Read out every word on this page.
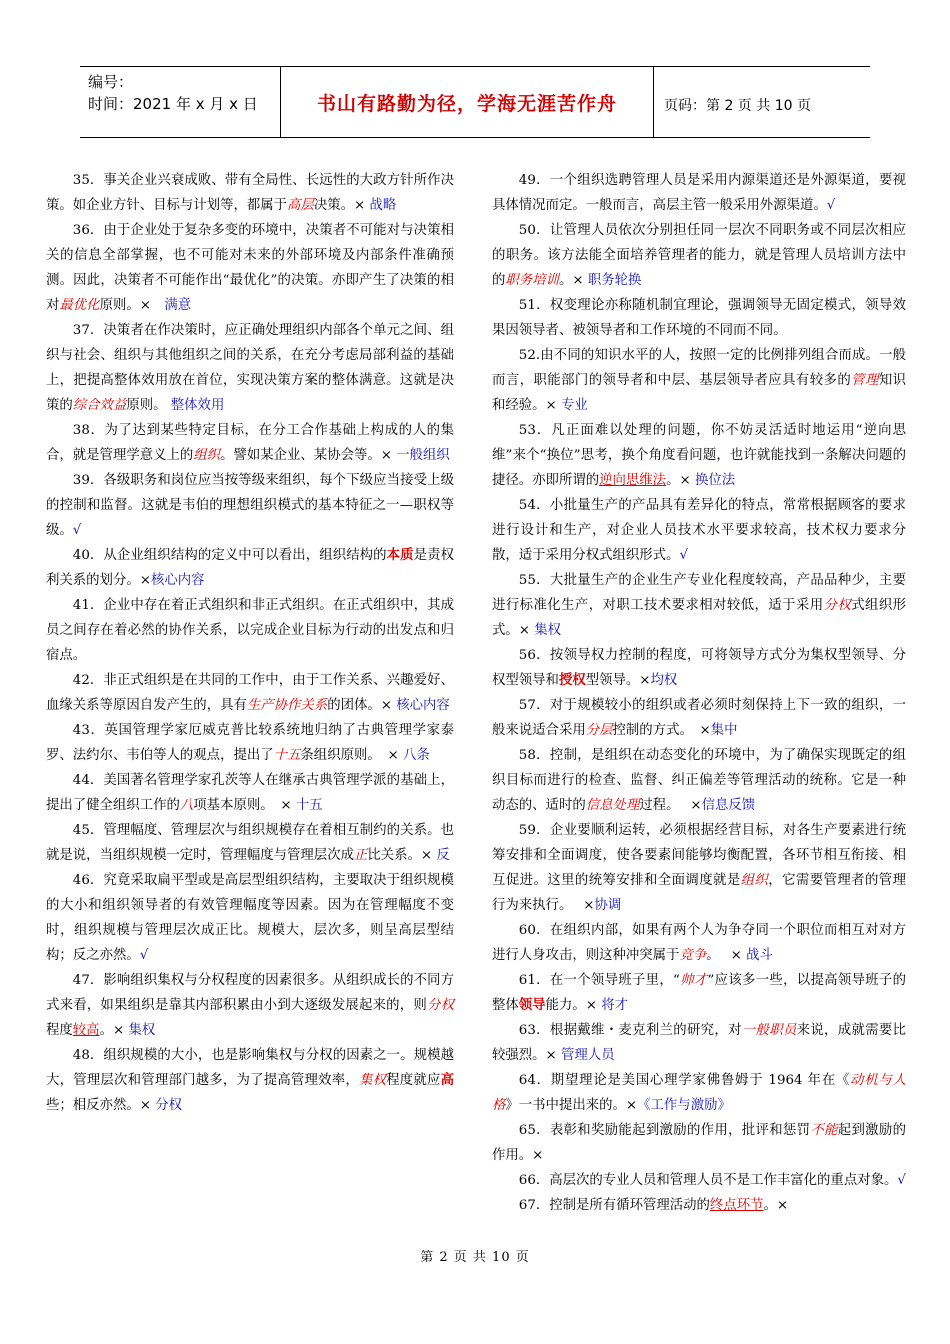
编号：
时间：2021 年 x 月 x 日	书山有路勤为径，学海无涯苦作舟	页码：第 2 页 共 10 页

35．事关企业兴衰成败、带有全局性、长远性的大政方针所作决策。如企业方针、目标与计划等，都属于高层决策。× 战略

36．由于企业处于复杂多变的环境中，决策者不可能对与决策相关的信息全部掌握，也不可能对未来的外部环境及内部条件准确预测。因此，决策者不可能作出“最优化”的决策。亦即产生了决策的相对最优化原则。×　满意

37．决策者在作决策时，应正确处理组织内部各个单元之间、组织与社会、组织与其他组织之间的关系，在充分考虑局部利益的基础上，把提高整体效用放在首位，实现决策方案的整体满意。这就是决策的综合效益原则。 整体效用

38．为了达到某些特定目标，在分工合作基础上构成的人的集合，就是管理学意义上的组织。譬如某企业、某协会等。× 一般组织

39．各级职务和岗位应当按等级来组织，每个下级应当接受上级的控制和监督。这就是韦伯的理想组织模式的基本特征之一—职权等级。√

40．从企业组织结构的定义中可以看出，组织结构的本质是责权利关系的划分。×核心内容

41．企业中存在着正式组织和非正式组织。在正式组织中，其成员之间存在着必然的协作关系，以完成企业目标为行动的出发点和归宿点。

42．非正式组织是在共同的工作中，由于工作关系、兴趣爱好、血缘关系等原因自发产生的，具有生产协作关系的团体。× 核心内容

43．英国管理学家厄威克普比较系统地归纳了古典管理学家泰罗、法约尔、韦伯等人的观点，提出了十五条组织原则。　× 八条

44．美国著名管理学家孔茨等人在继承古典管理学派的基础上，提出了健全组织工作的八项基本原则。　× 十五

45．管理幅度、管理层次与组织规模存在着相互制约的关系。也就是说，当组织规模一定时，管理幅度与管理层次成正比关系。× 反

46．究竟采取扁平型或是高层型组织结构，主要取决于组织规模的大小和组织领导者的有效管理幅度等因素。因为在管理幅度不变时，组织规模与管理层次成正比。规模大，层次多，则呈高层型结构；反之亦然。√

47．影响组织集权与分权程度的因素很多。从组织成长的不同方式来看，如果组织是靠其内部积累由小到大逐级发展起来的，则分权程度较高。× 集权

48．组织规模的大小，也是影响集权与分权的因素之一。规模越大，管理层次和管理部门越多，为了提高管理效率，集权程度就应高些；相反亦然。× 分权

49．一个组织选聘管理人员是采用内源渠道还是外源渠道，要视具体情况而定。一般而言，高层主管一般采用外源渠道。√

50．让管理人员依次分别担任同一层次不同职务或不同层次相应的职务。该方法能全面培养管理者的能力，就是管理人员培训方法中的职务培训。× 职务轮换

51．权变理论亦称随机制宜理论，强调领导无固定模式，领导效果因领导者、被领导者和工作环境的不同而不同。

52.由不同的知识水平的人，按照一定的比例排列组合而成。一般而言，职能部门的领导者和中层、基层领导者应具有较多的管理知识和经验。× 专业

53．凡正面难以处理的问题，你不妨灵活适时地运用“逆向思维”来个“换位”思考，换个角度看问题，也许就能找到一条解决问题的捷径。亦即所谓的逆向思维法。× 换位法

54．小批量生产的产品具有差异化的特点，常常根据顾客的要求进行设计和生产，对企业人员技术水平要求较高，技术权力要求分散，适于采用分权式组织形式。√

55．大批量生产的企业生产专业化程度较高，产品品种少，主要进行标准化生产，对职工技术要求相对较低，适于采用分权式组织形式。× 集权

56．按领导权力控制的程度，可将领导方式分为集权型领导、分权型领导和授权型领导。×均权

57．对于规模较小的组织或者必须时刻保持上下一致的组织，一般来说适合采用分层控制的方式。　×集中

58．控制，是组织在动态变化的环境中，为了确保实现既定的组织目标而进行的检查、监督、纠正偏差等管理活动的统称。它是一种动态的、适时的信息处理过程。　 ×信息反馈

59．企业要顺利运转，必须根据经营目标，对各生产要素进行统筹安排和全面调度，使各要素间能够均衡配置，各环节相互衔接、相互促进。这里的统筹安排和全面调度就是组织，它需要管理者的管理行为来执行。　 ×协调

60．在组织内部，如果有两个人为争夺同一个职位而相互对对方进行人身攻击，则这种冲突属于竞争。　 × 战斗

61．在一个领导班子里，“帅才”应该多一些，以提高领导班子的整体领导能力。× 将才

63．根据戴维・麦克利兰的研究，对一般职员来说，成就需要比较强烈。× 管理人员

64．期望理论是美国心理学家佛鲁姆于 1964 年在《动机与人格》一书中提出来的。×《工作与激励》

65．表彰和奖励能起到激励的作用，批评和惩罚不能起到激励的作用。×

66．高层次的专业人员和管理人员不是工作丰富化的重点对象。√

67．控制是所有循环管理活动的终点环节。×

第 2 页 共 10 页
